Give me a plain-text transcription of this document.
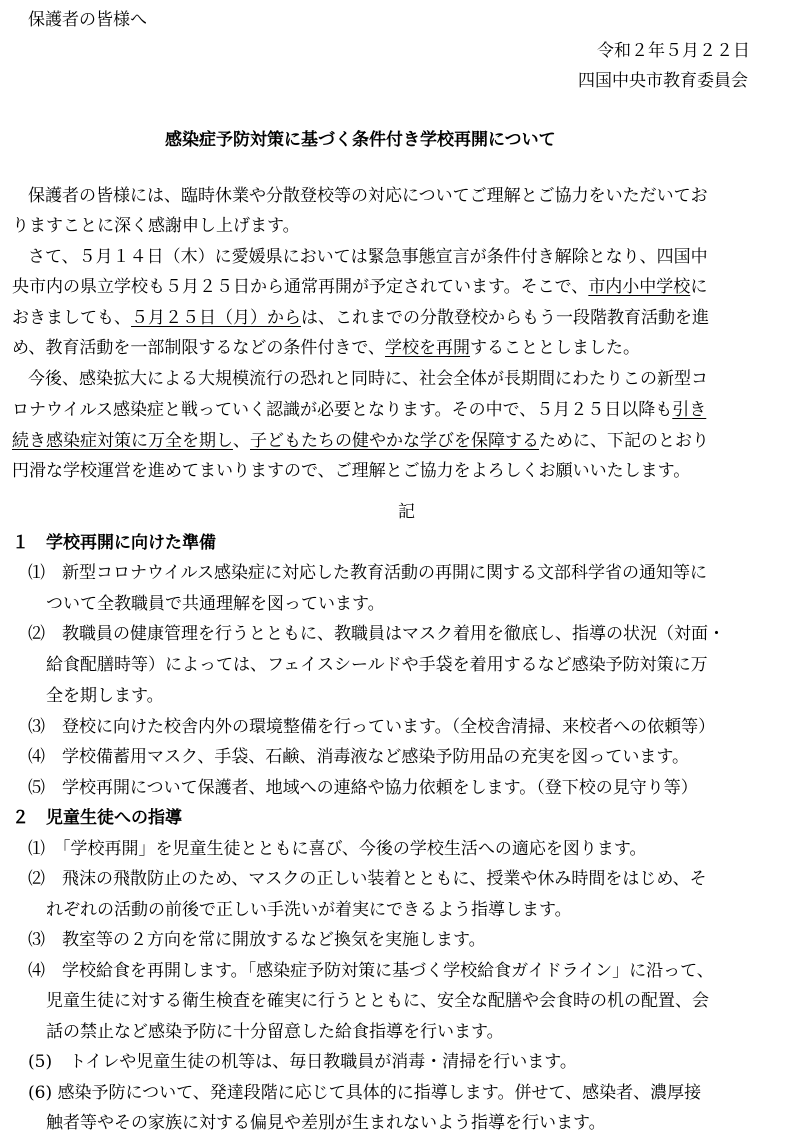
保護者の皆様へ
令和２年５月２２日
四国中央市教育委員会
感染症予防対策に基づく条件付き学校再開について
保護者の皆様には、臨時休業や分散登校等の対応についてご理解とご協力をいただいてお
りますことに深く感謝申し上げます。
さて、５月１４日（木）に愛媛県においては緊急事態宣言が条件付き解除となり、四国中
央市内の県立学校も５月２５日から通常再開が予定されています。そこで、市内小中学校に
おきましても、５月２５日（月）からは、これまでの分散登校からもう一段階教育活動を進
め、教育活動を一部制限するなどの条件付きで、学校を再開することとしました。
今後、感染拡大による大規模流行の恐れと同時に、社会全体が長期間にわたりこの新型コ
ロナウイルス感染症と戦っていく認識が必要となります。その中で、５月２５日以降も引き
続き感染症対策に万全を期し、子どもたちの健やかな学びを保障するために、下記のとおり
円滑な学校運営を進めてまいりますので、ご理解とご協力をよろしくお願いいたします。
記
１　学校再開に向けた準備
⑴　新型コロナウイルス感染症に対応した教育活動の再開に関する文部科学省の通知等に
ついて全教職員で共通理解を図っています。
⑵　教職員の健康管理を行うとともに、教職員はマスク着用を徹底し、指導の状況（対面・
給食配膳時等）によっては、フェイスシールドや手袋を着用するなど感染予防対策に万
全を期します。
⑶　登校に向けた校舎内外の環境整備を行っています。（全校舎清掃、来校者への依頼等）
⑷　学校備蓄用マスク、手袋、石鹸、消毒液など感染予防用品の充実を図っています。
⑸　学校再開について保護者、地域への連絡や協力依頼をします。（登下校の見守り等）
２　児童生徒への指導
⑴　「学校再開」を児童生徒とともに喜び、今後の学校生活への適応を図ります。
⑵　飛沫の飛散防止のため、マスクの正しい装着とともに、授業や休み時間をはじめ、そ
れぞれの活動の前後で正しい手洗いが着実にできるよう指導します。
⑶　教室等の２方向を常に開放するなど換気を実施します。
⑷　学校給食を再開します。「感染症予防対策に基づく学校給食ガイドライン」に沿って、
児童生徒に対する衛生検査を確実に行うとともに、安全な配膳や会食時の机の配置、会
話の禁止など感染予防に十分留意した給食指導を行います。
(5)　トイレや児童生徒の机等は、毎日教職員が消毒・清掃を行います。
(6) 感染予防について、発達段階に応じて具体的に指導します。併せて、感染者、濃厚接
触者等やその家族に対する偏見や差別が生まれないよう指導を行います。
